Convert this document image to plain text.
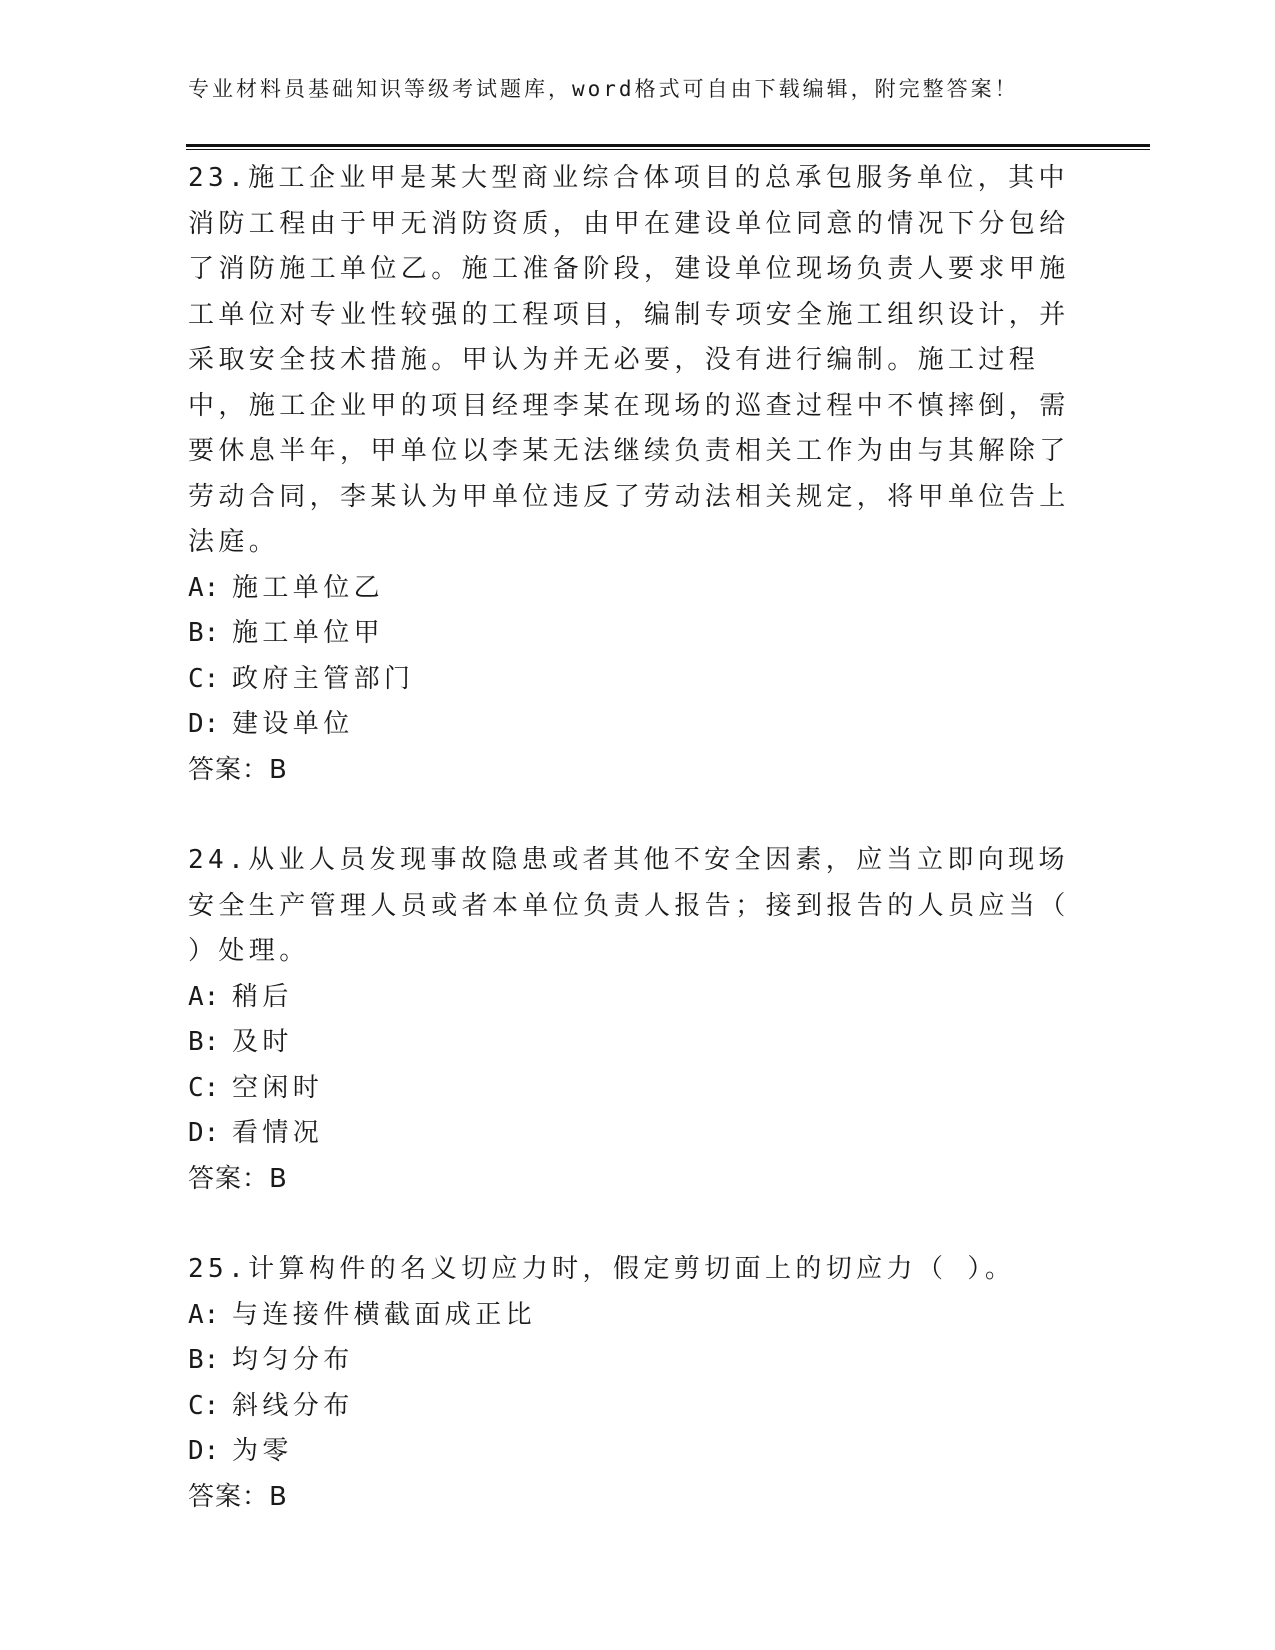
专业材料员基础知识等级考试题库，word格式可自由下载编辑，附完整答案！

23.施工企业甲是某大型商业综合体项目的总承包服务单位，其中消防工程由于甲无消防资质，由甲在建设单位同意的情况下分包给了消防施工单位乙。施工准备阶段，建设单位现场负责人要求甲施工单位对专业性较强的工程项目，编制专项安全施工组织设计，并采取安全技术措施。甲认为并无必要，没有进行编制。施工过程中，施工企业甲的项目经理李某在现场的巡查过程中不慎摔倒，需要休息半年，甲单位以李某无法继续负责相关工作为由与其解除了劳动合同，李某认为甲单位违反了劳动法相关规定，将甲单位告上法庭。

A: 施工单位乙

B: 施工单位甲

C: 政府主管部门

D: 建设单位

答案：B

24.从业人员发现事故隐患或者其他不安全因素，应当立即向现场安全生产管理人员或者本单位负责人报告；接到报告的人员应当（ ）处理。

A: 稍后

B: 及时

C: 空闲时

D: 看情况

答案：B

25.计算构件的名义切应力时，假定剪切面上的切应力（ ）。

A: 与连接件横截面成正比

B: 均匀分布

C: 斜线分布

D: 为零

答案：B
